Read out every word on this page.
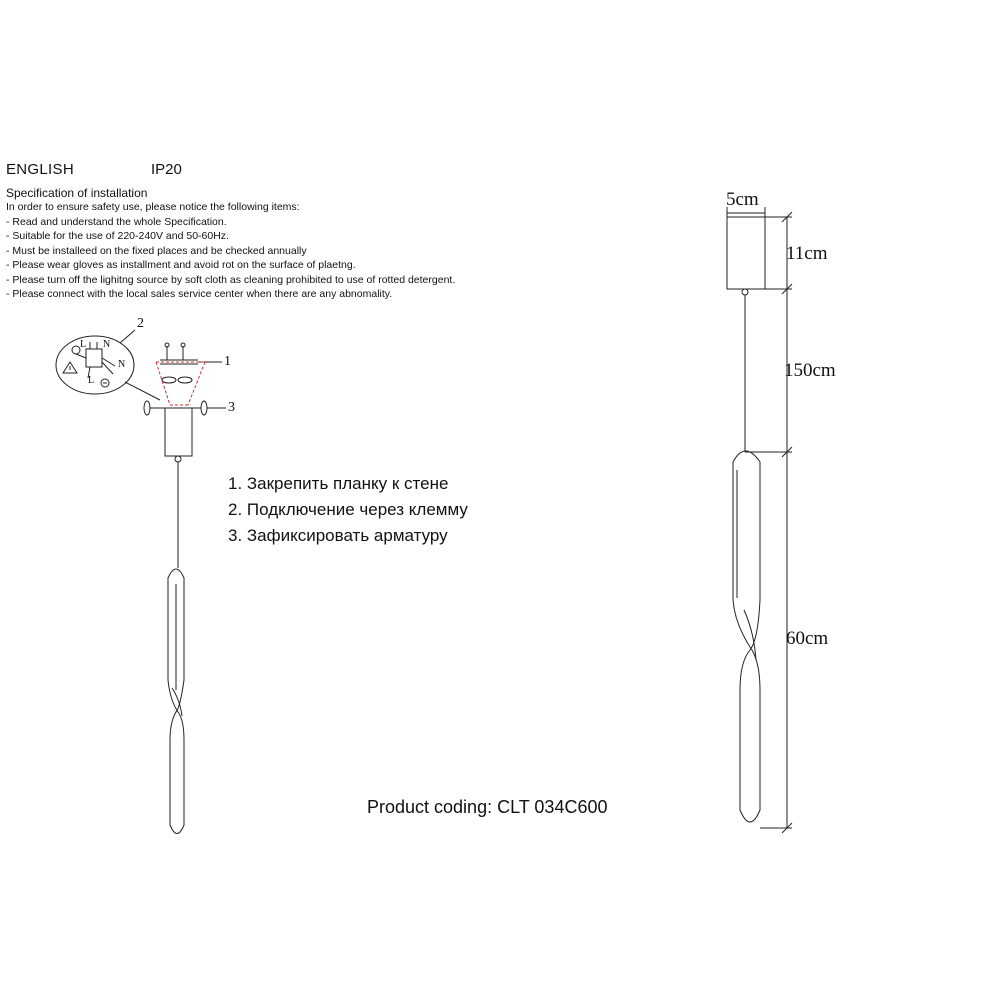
ENGLISH	IP20
Specification of installation
In order to ensure safety use, please notice the following items:
- Read and understand the whole Specification.
- Suitable for the use of 220-240V and 50-60Hz.
- Must be installeed on the fixed places and be checked annually
- Please wear gloves as installment and avoid rot on the surface of plaetng.
- Please turn off the lighitng source by soft cloth as cleaning prohibited to use of rotted detergent.
- Please connect with the local sales service center when there are any abnomality.
2
1
3
N
N
L
L
1. Закрепить планку к стене
2. Подключение через клемму
3. Зафиксировать арматуру
5cm
11cm
150cm
60cm
Product coding: CLT 034C600
